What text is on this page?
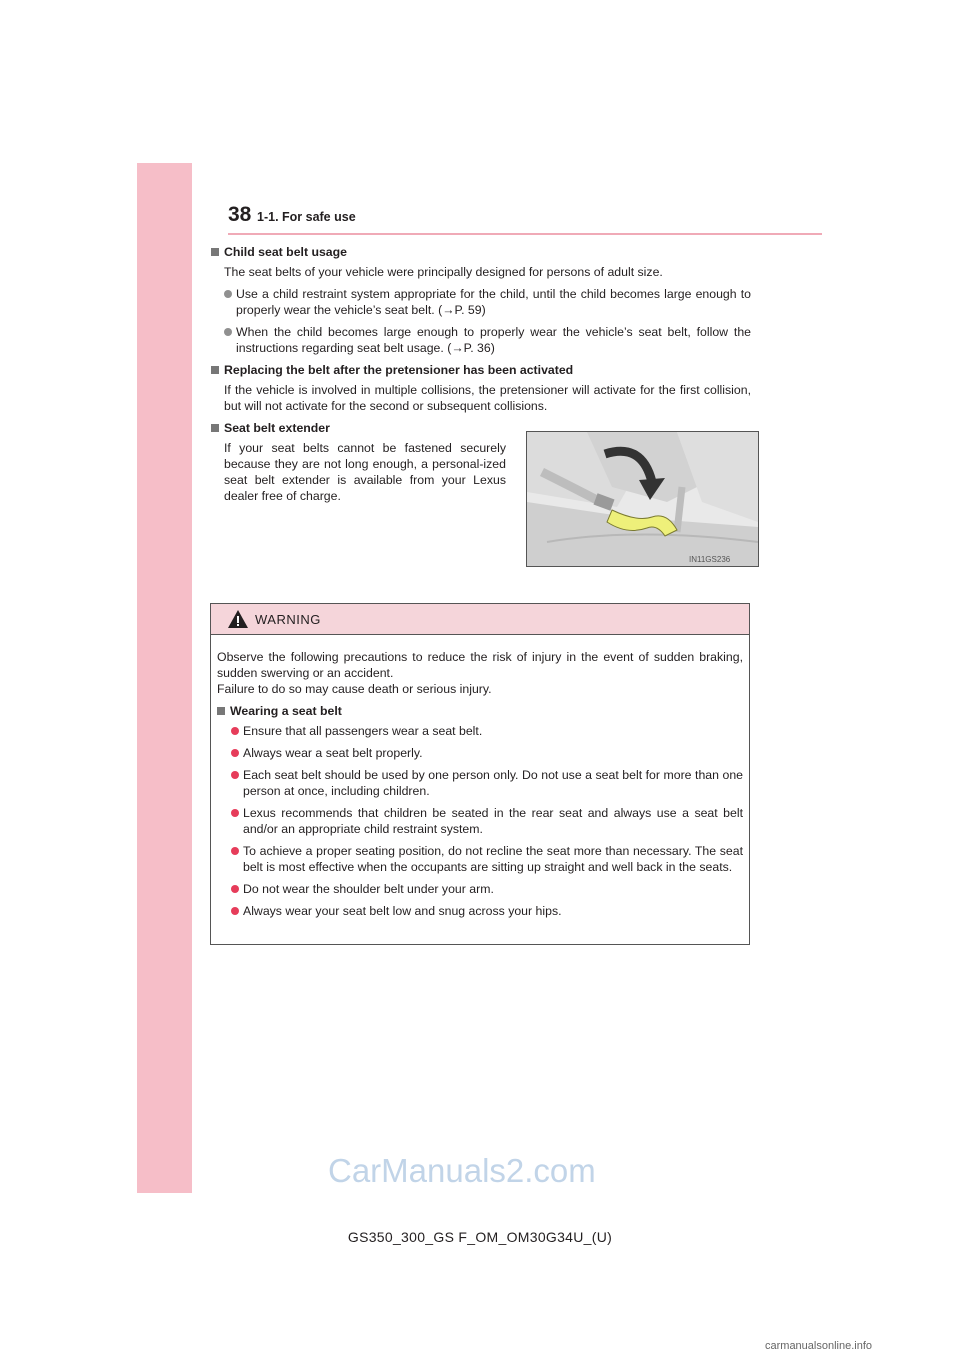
38 1-1. For safe use
Child seat belt usage

The seat belts of your vehicle were principally designed for persons of adult size.

Use a child restraint system appropriate for the child, until the child becomes large enough to properly wear the vehicle’s seat belt. (→P. 59)
When the child becomes large enough to properly wear the vehicle’s seat belt, follow the instructions regarding seat belt usage. (→P. 36)
Replacing the belt after the pretensioner has been activated

If the vehicle is involved in multiple collisions, the pretensioner will activate for the first collision, but will not activate for the second or subsequent collisions.

Seat belt extender
If your seat belts cannot be fastened securely because they are not long enough, a personal-ized seat belt extender is available from your Lexus dealer free of charge.
IN11GS236
WARNING
Observe the following precautions to reduce the risk of injury in the event of sudden braking, sudden swerving or an accident.
Failure to do so may cause death or serious injury.
Wearing a seat belt
Ensure that all passengers wear a seat belt.
Always wear a seat belt properly.
Each seat belt should be used by one person only. Do not use a seat belt for more than one person at once, including children.
Lexus recommends that children be seated in the rear seat and always use a seat belt and/or an appropriate child restraint system.
To achieve a proper seating position, do not recline the seat more than necessary. The seat belt is most effective when the occupants are sitting up straight and well back in the seats.
Do not wear the shoulder belt under your arm.
Always wear your seat belt low and snug across your hips.
CarManuals2.com
GS350_300_GS F_OM_OM30G34U_(U)
carmanualsonline.info
